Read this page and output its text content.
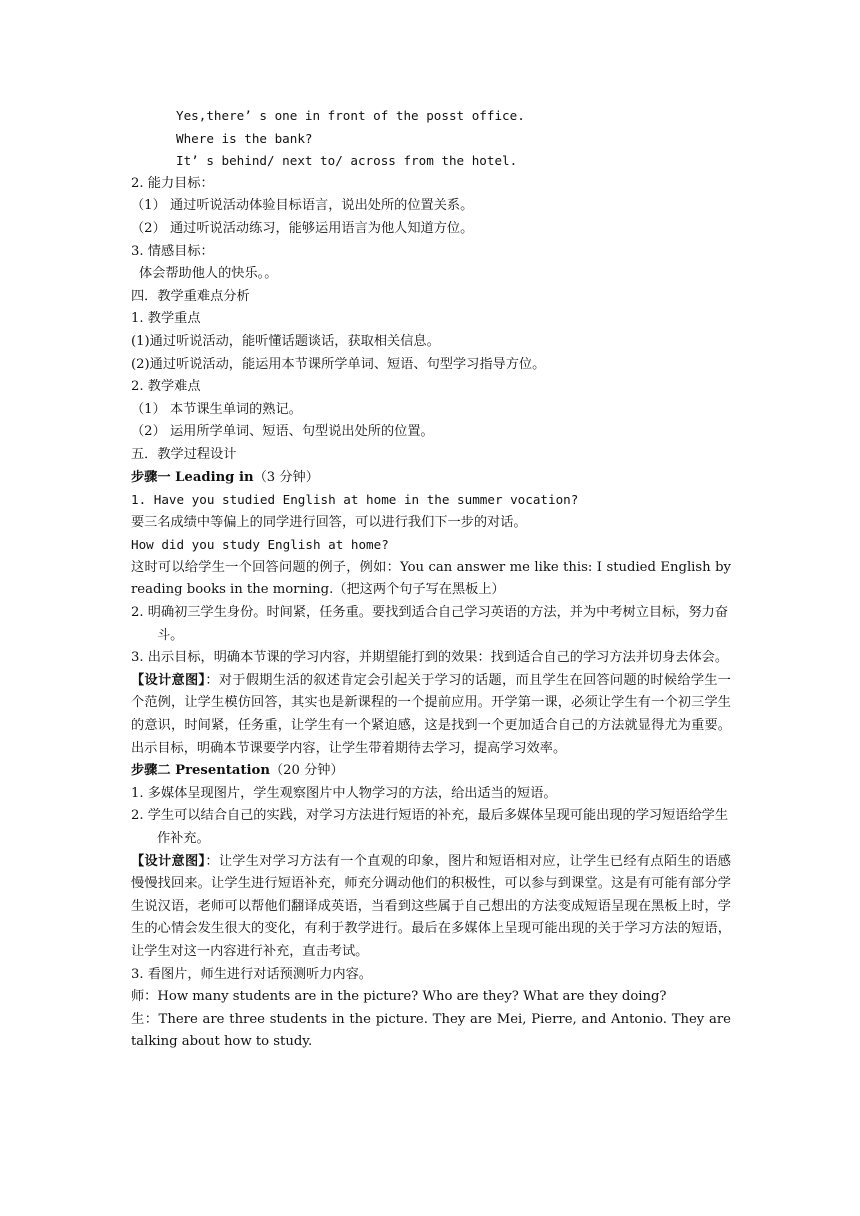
Yes,there’ s one in front of the posst office.
Where is the bank?
It’ s behind/ next to/ across from the hotel.
2. 能力目标：
（1） 通过听说活动体验目标语言，说出处所的位置关系。
（2） 通过听说活动练习，能够运用语言为他人知道方位。
3. 情感目标：
体会帮助他人的快乐。。
四．教学重难点分析
1. 教学重点
(1)通过听说活动，能听懂话题谈话，获取相关信息。
(2)通过听说活动，能运用本节课所学单词、短语、句型学习指导方位。
2. 教学难点
（1） 本节课生单词的熟记。
（2） 运用所学单词、短语、句型说出处所的位置。
五．教学过程设计
步骤一 Leading in（3 分钟）
1. Have you studied English at home in the summer vocation?
要三名成绩中等偏上的同学进行回答，可以进行我们下一步的对话。
How did you study English at home?
这时可以给学生一个回答问题的例子，例如：You can answer me like this: I studied English by reading books in the morning.（把这两个句子写在黑板上）
2. 明确初三学生身份。时间紧，任务重。要找到适合自己学习英语的方法，并为中考树立目标，努力奋斗。
3. 出示目标，明确本节课的学习内容，并期望能打到的效果：找到适合自己的学习方法并切身去体会。
【设计意图】：对于假期生活的叙述肯定会引起关于学习的话题，而且学生在回答问题的时候给学生一个范例，让学生模仿回答，其实也是新课程的一个提前应用。开学第一课，必须让学生有一个初三学生的意识，时间紧，任务重，让学生有一个紧迫感，这是找到一个更加适合自己的方法就显得尤为重要。出示目标，明确本节课要学内容，让学生带着期待去学习，提高学习效率。
步骤二 Presentation（20 分钟）
1. 多媒体呈现图片，学生观察图片中人物学习的方法，给出适当的短语。
2. 学生可以结合自己的实践，对学习方法进行短语的补充，最后多媒体呈现可能出现的学习短语给学生作补充。
【设计意图】：让学生对学习方法有一个直观的印象，图片和短语相对应，让学生已经有点陌生的语感慢慢找回来。让学生进行短语补充，师充分调动他们的积极性，可以参与到课堂。这是有可能有部分学生说汉语，老师可以帮他们翻译成英语，当看到这些属于自己想出的方法变成短语呈现在黑板上时，学生的心情会发生很大的变化，有利于教学进行。最后在多媒体上呈现可能出现的关于学习方法的短语，让学生对这一内容进行补充，直击考试。
3. 看图片，师生进行对话预测听力内容。
师：How many students are in the picture? Who are they? What are they doing?
生：There are three students in the picture. They are Mei, Pierre, and Antonio. They are talking about how to study.
